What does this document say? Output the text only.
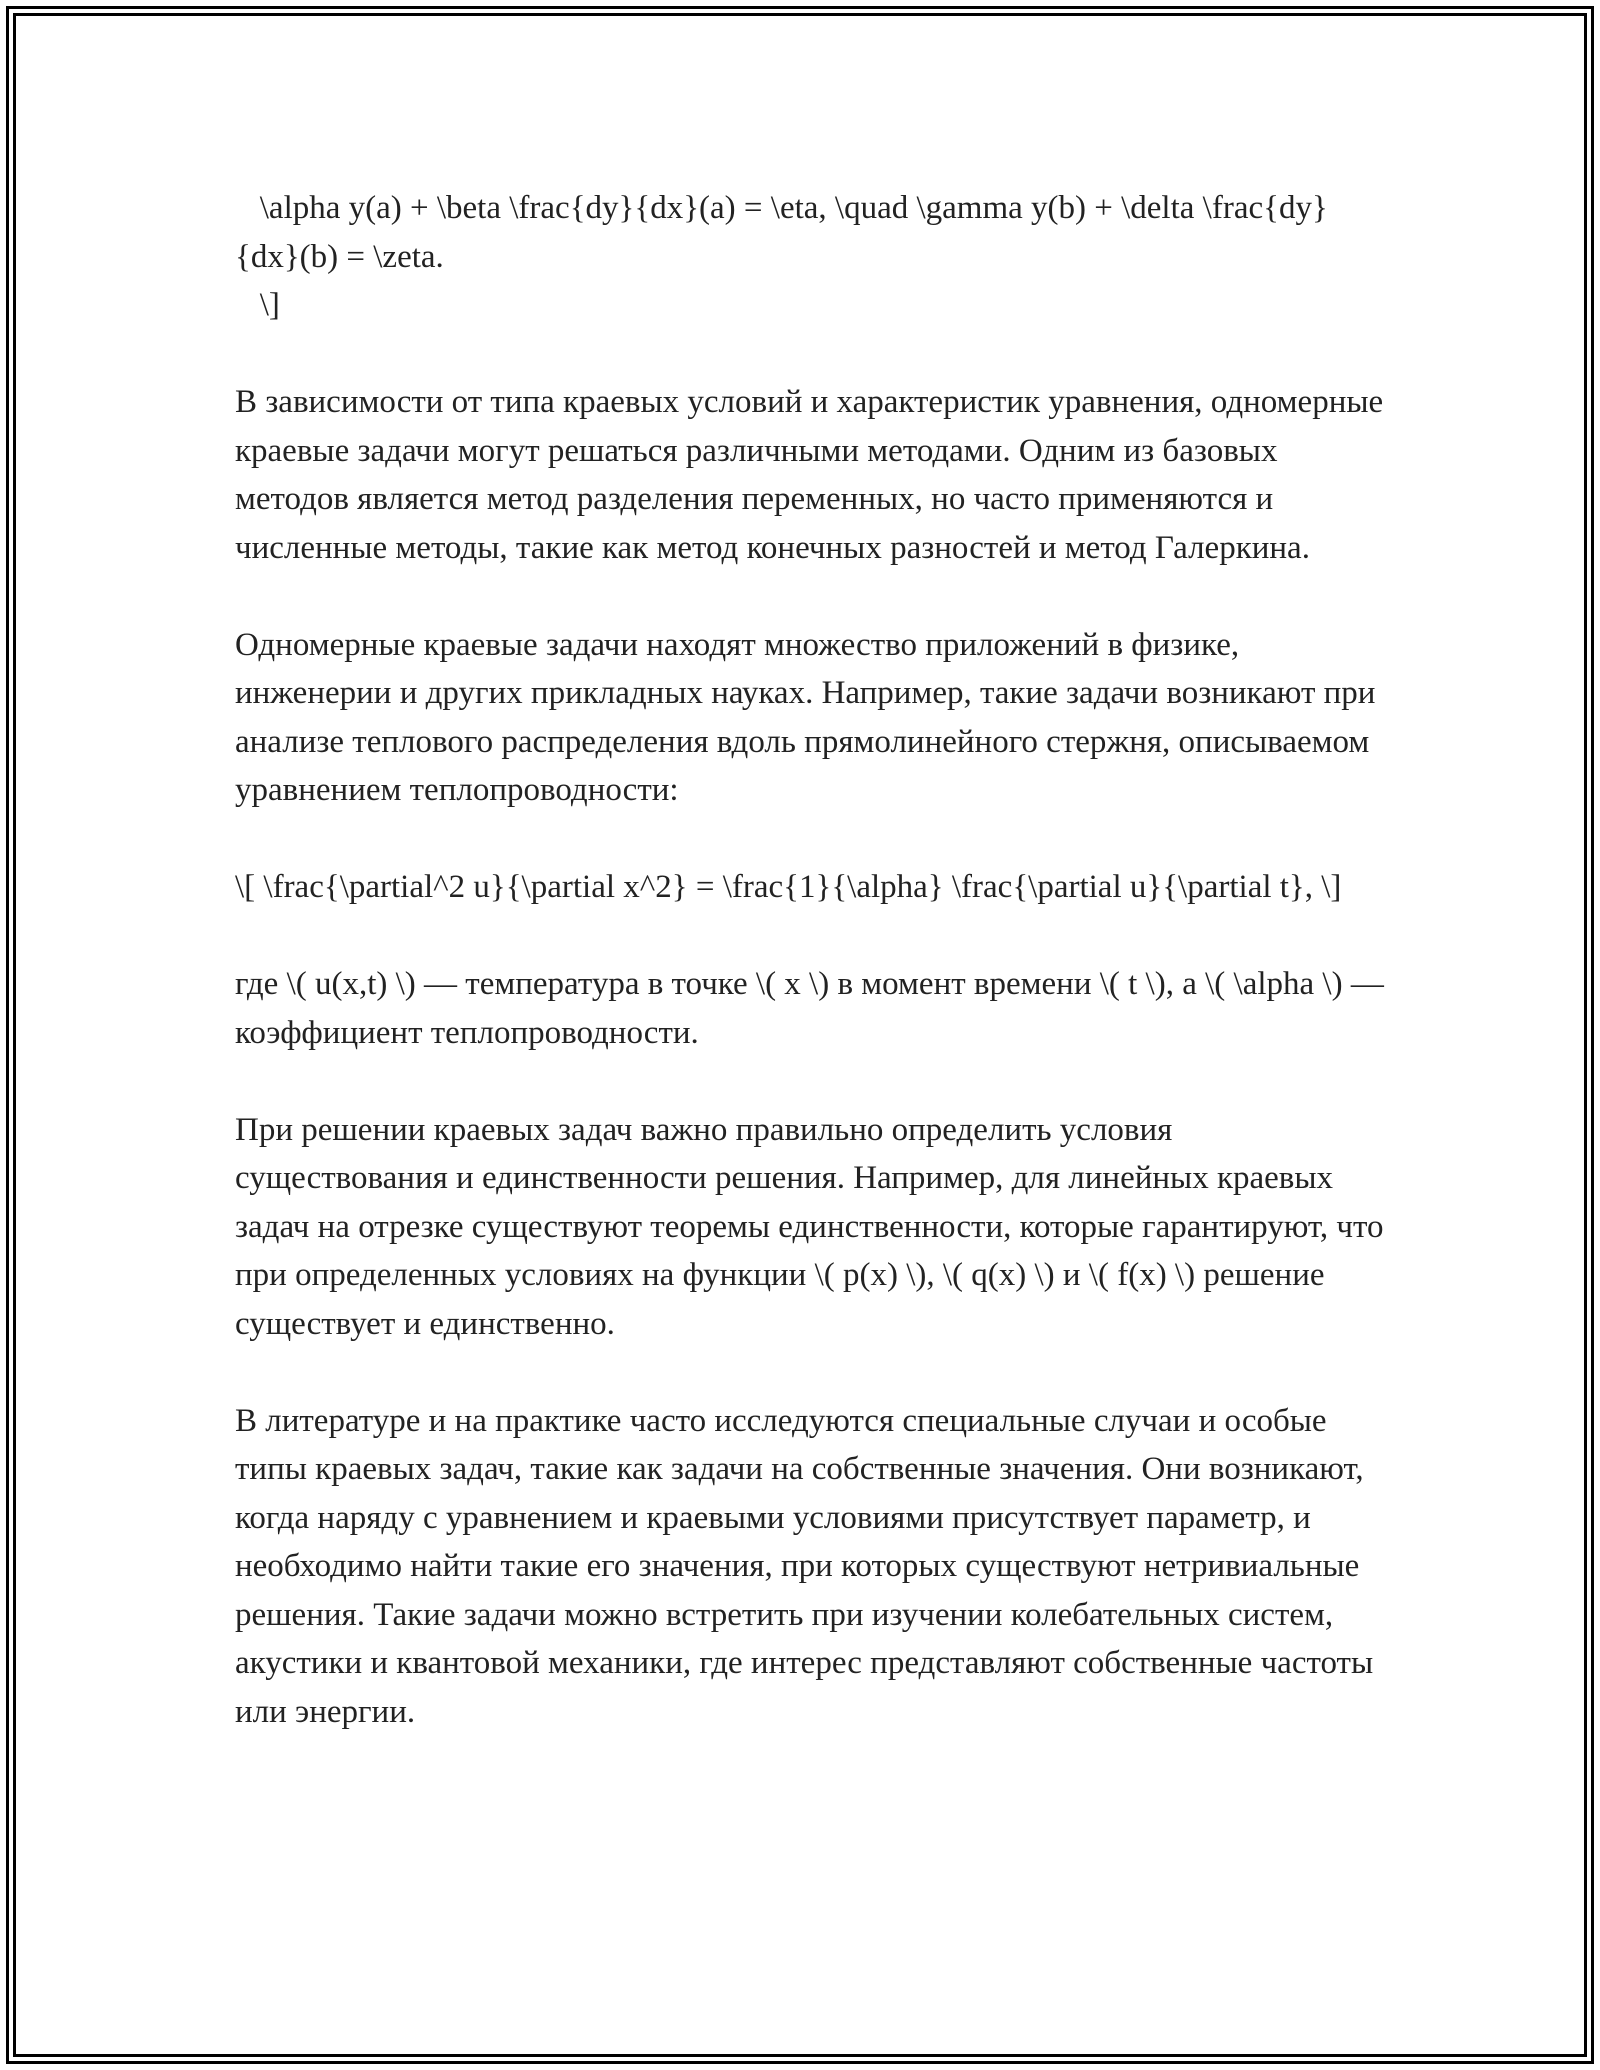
\alpha y(a) + \beta \frac{dy}{dx}(a) = \eta, \quad \gamma y(b) + \delta \frac{dy}{dx}(b) = \zeta.
\]

В зависимости от типа краевых условий и характеристик уравнения, одномерные краевые задачи могут решаться различными методами. Одним из базовых методов является метод разделения переменных, но часто применяются и численные методы, такие как метод конечных разностей и метод Галеркина.

Одномерные краевые задачи находят множество приложений в физике, инженерии и других прикладных науках. Например, такие задачи возникают при анализе теплового распределения вдоль прямолинейного стержня, описываемом уравнением теплопроводности:

\[ \frac{\partial^2 u}{\partial x^2} = \frac{1}{\alpha} \frac{\partial u}{\partial t}, \]

где \( u(x,t) \) — температура в точке \( x \) в момент времени \( t \), а \( \alpha \) — коэффициент теплопроводности.

При решении краевых задач важно правильно определить условия существования и единственности решения. Например, для линейных краевых задач на отрезке существуют теоремы единственности, которые гарантируют, что при определенных условиях на функции \( p(x) \), \( q(x) \) и \( f(x) \) решение существует и единственно.

В литературе и на практике часто исследуются специальные случаи и особые типы краевых задач, такие как задачи на собственные значения. Они возникают, когда наряду с уравнением и краевыми условиями присутствует параметр, и необходимо найти такие его значения, при которых существуют нетривиальные решения. Такие задачи можно встретить при изучении колебательных систем, акустики и квантовой механики, где интерес представляют собственные частоты или энергии.
